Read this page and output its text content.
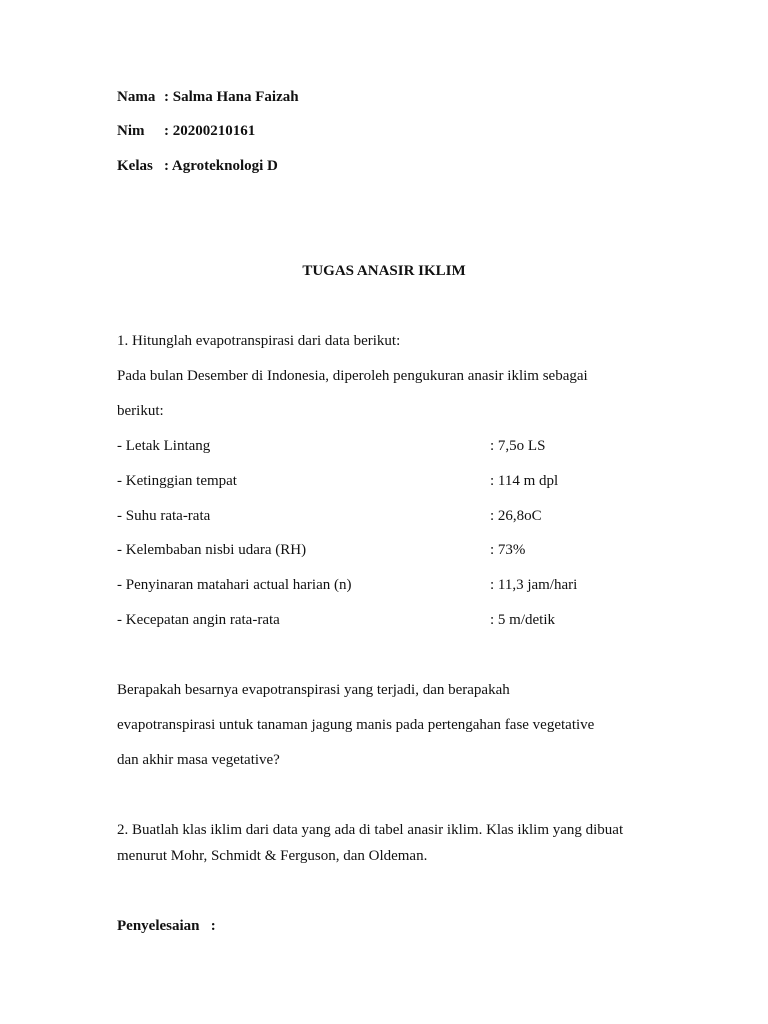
Nama : Salma Hana Faizah
Nim : 20200210161
Kelas : Agroteknologi D
TUGAS ANASIR IKLIM
1. Hitunglah evapotranspirasi dari data berikut:
Pada bulan Desember di Indonesia, diperoleh pengukuran anasir iklim sebagai
berikut:
- Letak Lintang	: 7,5o LS
- Ketinggian tempat	: 114 m dpl
- Suhu rata-rata	: 26,8oC
- Kelembaban nisbi udara (RH)	: 73%
- Penyinaran matahari actual harian (n)	: 11,3 jam/hari
- Kecepatan angin rata-rata	: 5 m/detik
Berapakah besarnya evapotranspirasi yang terjadi, dan berapakah
evapotranspirasi untuk tanaman jagung manis pada pertengahan fase vegetative
dan akhir masa vegetative?
2. Buatlah klas iklim dari data yang ada di tabel anasir iklim. Klas iklim yang dibuat
menurut Mohr, Schmidt & Ferguson, dan Oldeman.
Penyelesaian   :
